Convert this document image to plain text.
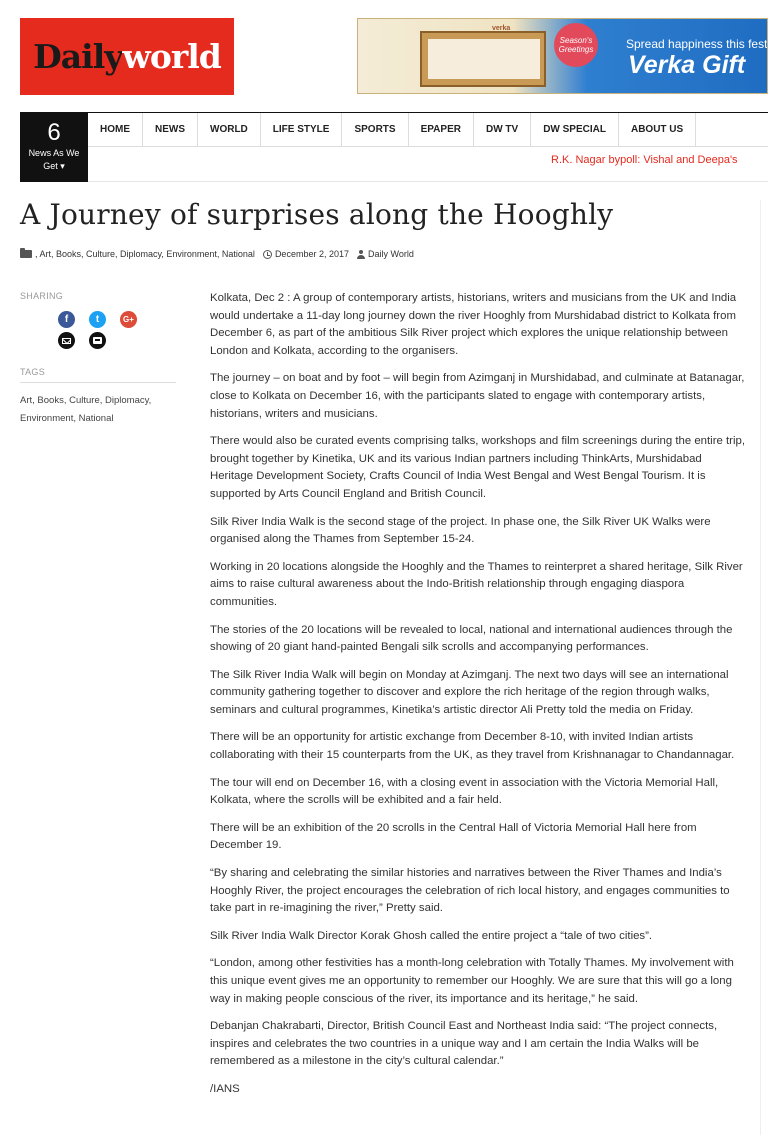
Dailyworld
verka
Season's Greetings	Spread happiness this fest
Verka Gift
6
News As We
Get ▾
HOME	NEWS	WORLD	LIFE STYLE	SPORTS	EPAPER	DW TV	DW SPECIAL	ABOUT US
R.K. Nagar bypoll: Vishal and Deepa's
A Journey of surprises along the Hooghly
, Art, Books, Culture, Diplomacy, Environment, National December 2, 2017 Daily World
SHARING
f	t	G+
TAGS
Art, Books, Culture, Diplomacy,
Environment, National

Kolkata, Dec 2 : A group of contemporary artists, historians, writers and musicians from the UK and India would undertake a 11-day long journey down the river Hooghly from Murshidabad district to Kolkata from December 6, as part of the ambitious Silk River project which explores the unique relationship between London and Kolkata, according to the organisers.

The journey – on boat and by foot – will begin from Azimganj in Murshidabad, and culminate at Batanagar, close to Kolkata on December 16, with the participants slated to engage with contemporary artists, historians, writers and musicians.

There would also be curated events comprising talks, workshops and film screenings during the entire trip, brought together by Kinetika, UK and its various Indian partners including ThinkArts, Murshidabad Heritage Development Society, Crafts Council of India West Bengal and West Bengal Tourism. It is supported by Arts Council England and British Council.

Silk River India Walk is the second stage of the project. In phase one, the Silk River UK Walks were organised along the Thames from September 15-24.

Working in 20 locations alongside the Hooghly and the Thames to reinterpret a shared heritage, Silk River aims to raise cultural awareness about the Indo-British relationship through engaging diaspora communities.

The stories of the 20 locations will be revealed to local, national and international audiences through the showing of 20 giant hand-painted Bengali silk scrolls and accompanying performances.

The Silk River India Walk will begin on Monday at Azimganj. The next two days will see an international community gathering together to discover and explore the rich heritage of the region through walks, seminars and cultural programmes, Kinetika’s artistic director Ali Pretty told the media on Friday.

There will be an opportunity for artistic exchange from December 8-10, with invited Indian artists collaborating with their 15 counterparts from the UK, as they travel from Krishnanagar to Chandannagar.

The tour will end on December 16, with a closing event in association with the Victoria Memorial Hall, Kolkata, where the scrolls will be exhibited and a fair held.

There will be an exhibition of the 20 scrolls in the Central Hall of Victoria Memorial Hall here from December 19.

“By sharing and celebrating the similar histories and narratives between the River Thames and India’s Hooghly River, the project encourages the celebration of rich local history, and engages communities to take part in re-imagining the river,” Pretty said.

Silk River India Walk Director Korak Ghosh called the entire project a “tale of two cities”.

“London, among other festivities has a month-long celebration with Totally Thames. My involvement with this unique event gives me an opportunity to remember our Hooghly. We are sure that this will go a long way in making people conscious of the river, its importance and its heritage,” he said.

Debanjan Chakrabarti, Director, British Council East and Northeast India said: “The project connects, inspires and celebrates the two countries in a unique way and I am certain the India Walks will be remembered as a milestone in the city’s cultural calendar.”

/IANS
